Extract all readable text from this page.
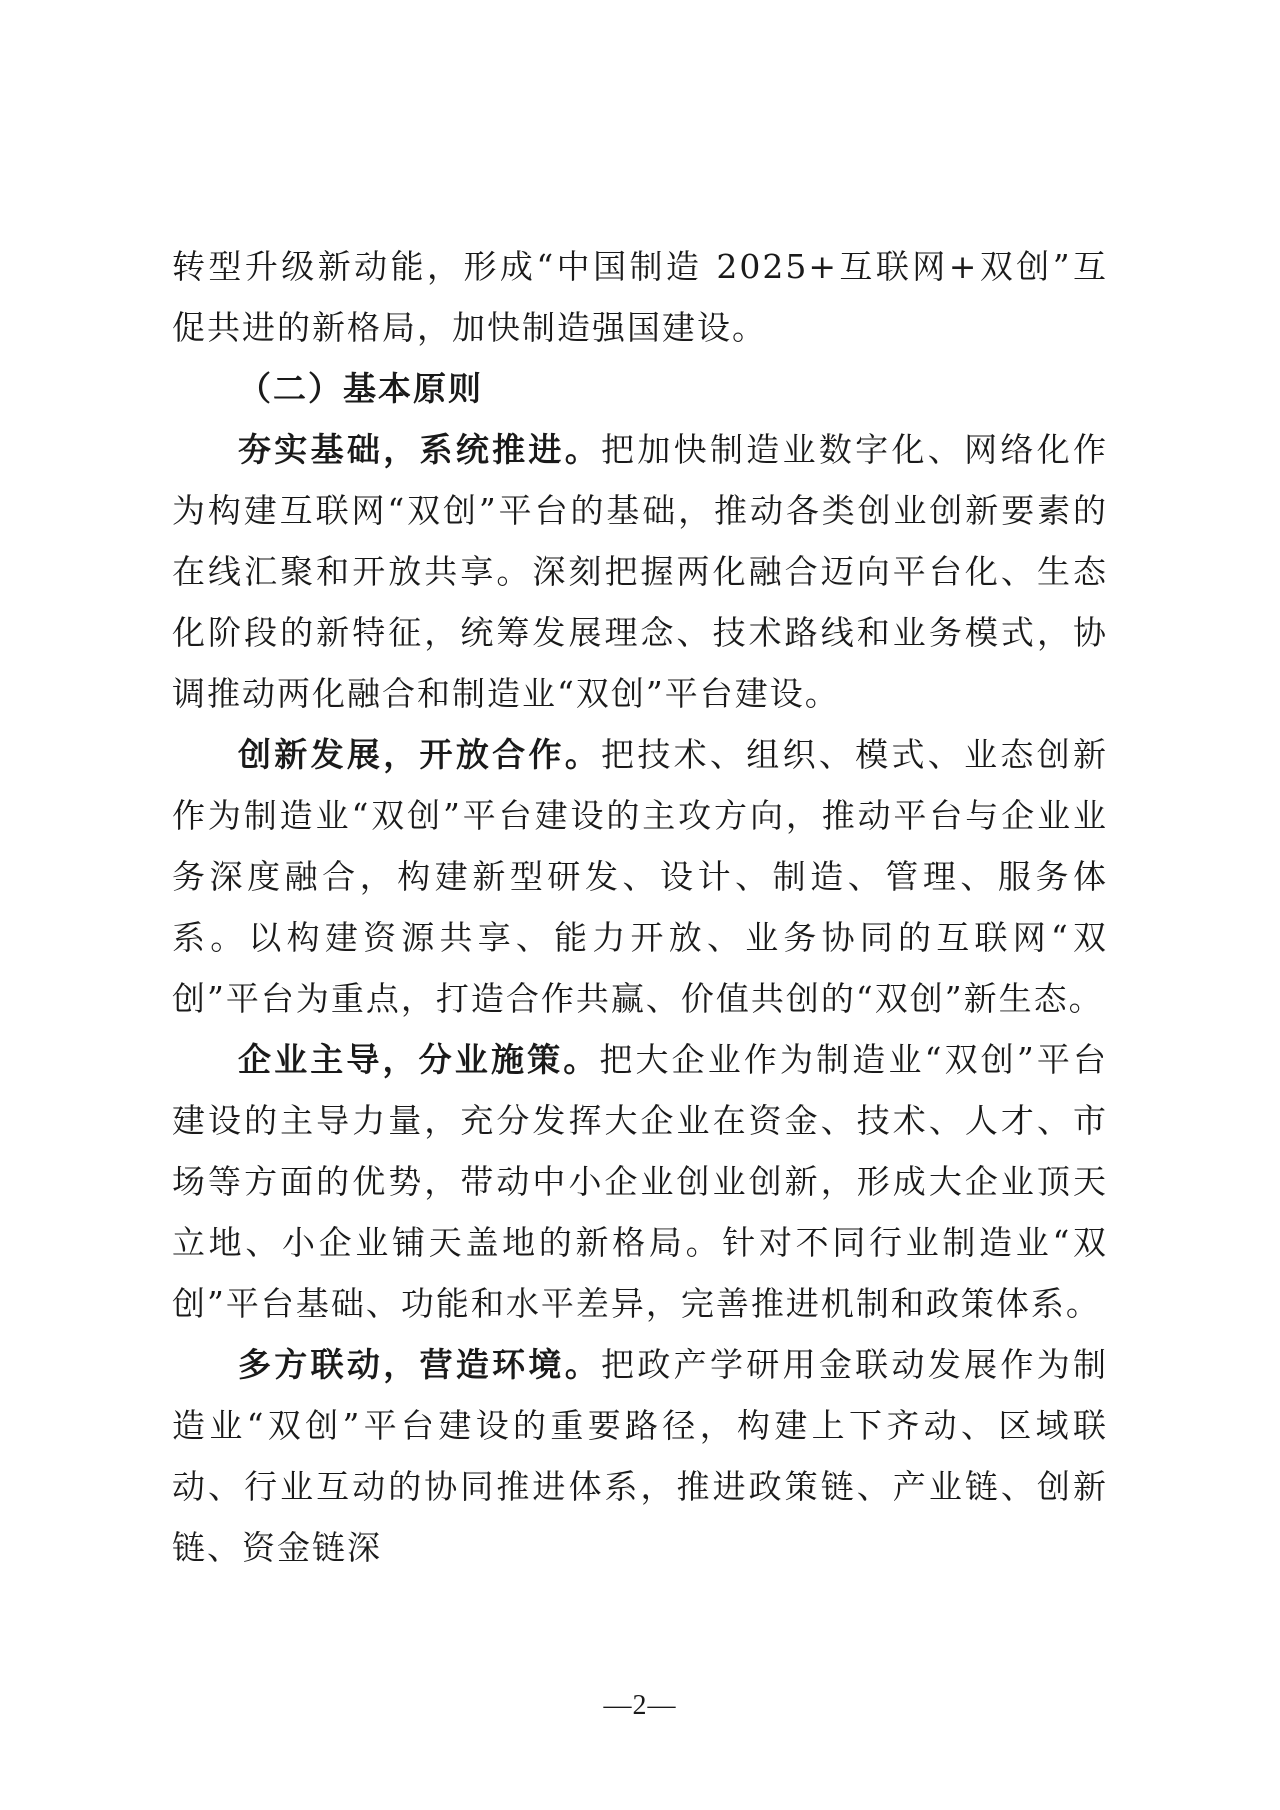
转型升级新动能，形成“中国制造 2025+互联网+双创”互促共进的新格局，加快制造强国建设。

（二）基本原则

夯实基础，系统推进。把加快制造业数字化、网络化作为构建互联网“双创”平台的基础，推动各类创业创新要素的在线汇聚和开放共享。深刻把握两化融合迈向平台化、生态化阶段的新特征，统筹发展理念、技术路线和业务模式，协调推动两化融合和制造业“双创”平台建设。

创新发展，开放合作。把技术、组织、模式、业态创新作为制造业“双创”平台建设的主攻方向，推动平台与企业业务深度融合，构建新型研发、设计、制造、管理、服务体系。以构建资源共享、能力开放、业务协同的互联网“双创”平台为重点，打造合作共赢、价值共创的“双创”新生态。

企业主导，分业施策。把大企业作为制造业“双创”平台建设的主导力量，充分发挥大企业在资金、技术、人才、市场等方面的优势，带动中小企业创业创新，形成大企业顶天立地、小企业铺天盖地的新格局。针对不同行业制造业“双创”平台基础、功能和水平差异，完善推进机制和政策体系。

多方联动，营造环境。把政产学研用金联动发展作为制造业“双创”平台建设的重要路径，构建上下齐动、区域联动、行业互动的协同推进体系，推进政策链、产业链、创新链、资金链深

—2—
